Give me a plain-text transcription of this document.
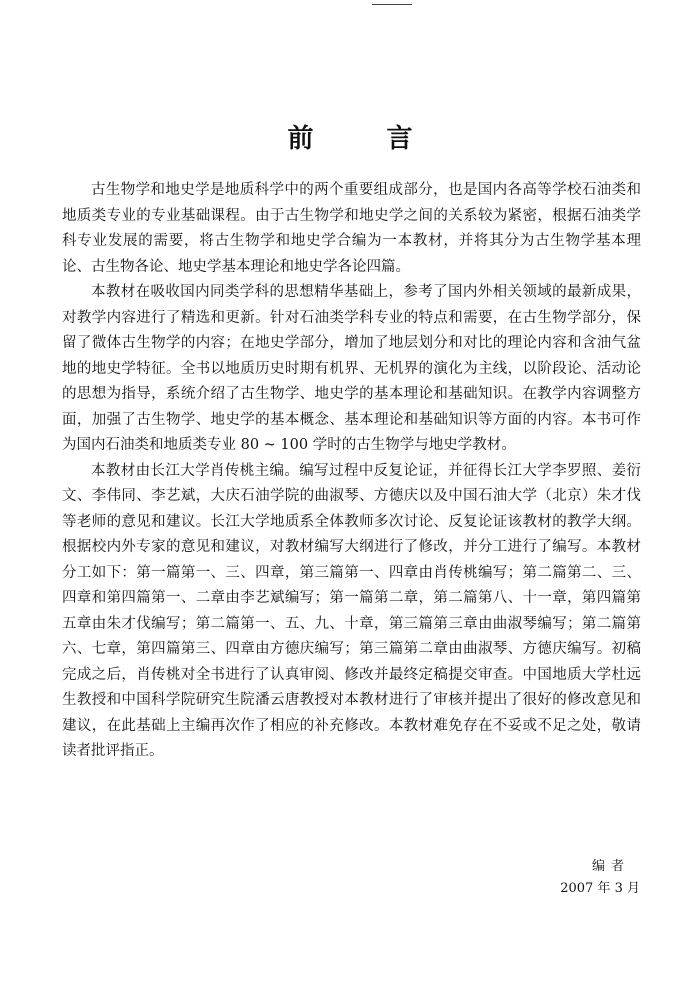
前 言

古生物学和地史学是地质科学中的两个重要组成部分，也是国内各高等学校石油类和地质类专业的专业基础课程。由于古生物学和地史学之间的关系较为紧密，根据石油类学科专业发展的需要，将古生物学和地史学合编为一本教材，并将其分为古生物学基本理论、古生物各论、地史学基本理论和地史学各论四篇。

本教材在吸收国内同类学科的思想精华基础上，参考了国内外相关领域的最新成果，对教学内容进行了精选和更新。针对石油类学科专业的特点和需要，在古生物学部分，保留了微体古生物学的内容；在地史学部分，增加了地层划分和对比的理论内容和含油气盆地的地史学特征。全书以地质历史时期有机界、无机界的演化为主线，以阶段论、活动论的思想为指导，系统介绍了古生物学、地史学的基本理论和基础知识。在教学内容调整方面，加强了古生物学、地史学的基本概念、基本理论和基础知识等方面的内容。本书可作为国内石油类和地质类专业 80 ~ 100 学时的古生物学与地史学教材。

本教材由长江大学肖传桃主编。编写过程中反复论证，并征得长江大学李罗照、姜衍文、李伟同、李艺斌，大庆石油学院的曲淑琴、方德庆以及中国石油大学（北京）朱才伐等老师的意见和建议。长江大学地质系全体教师多次讨论、反复论证该教材的教学大纲。根据校内外专家的意见和建议，对教材编写大纲进行了修改，并分工进行了编写。本教材分工如下：第一篇第一、三、四章，第三篇第一、四章由肖传桃编写；第二篇第二、三、四章和第四篇第一、二章由李艺斌编写；第一篇第二章，第二篇第八、十一章，第四篇第五章由朱才伐编写；第二篇第一、五、九、十章，第三篇第三章由曲淑琴编写；第二篇第六、七章，第四篇第三、四章由方德庆编写；第三篇第二章由曲淑琴、方德庆编写。初稿完成之后，肖传桃对全书进行了认真审阅、修改并最终定稿提交审查。中国地质大学杜远生教授和中国科学院研究生院潘云唐教授对本教材进行了审核并提出了很好的修改意见和建议，在此基础上主编再次作了相应的补充修改。本教材难免存在不妥或不足之处，敬请读者批评指正。

编者
2007 年 3 月
